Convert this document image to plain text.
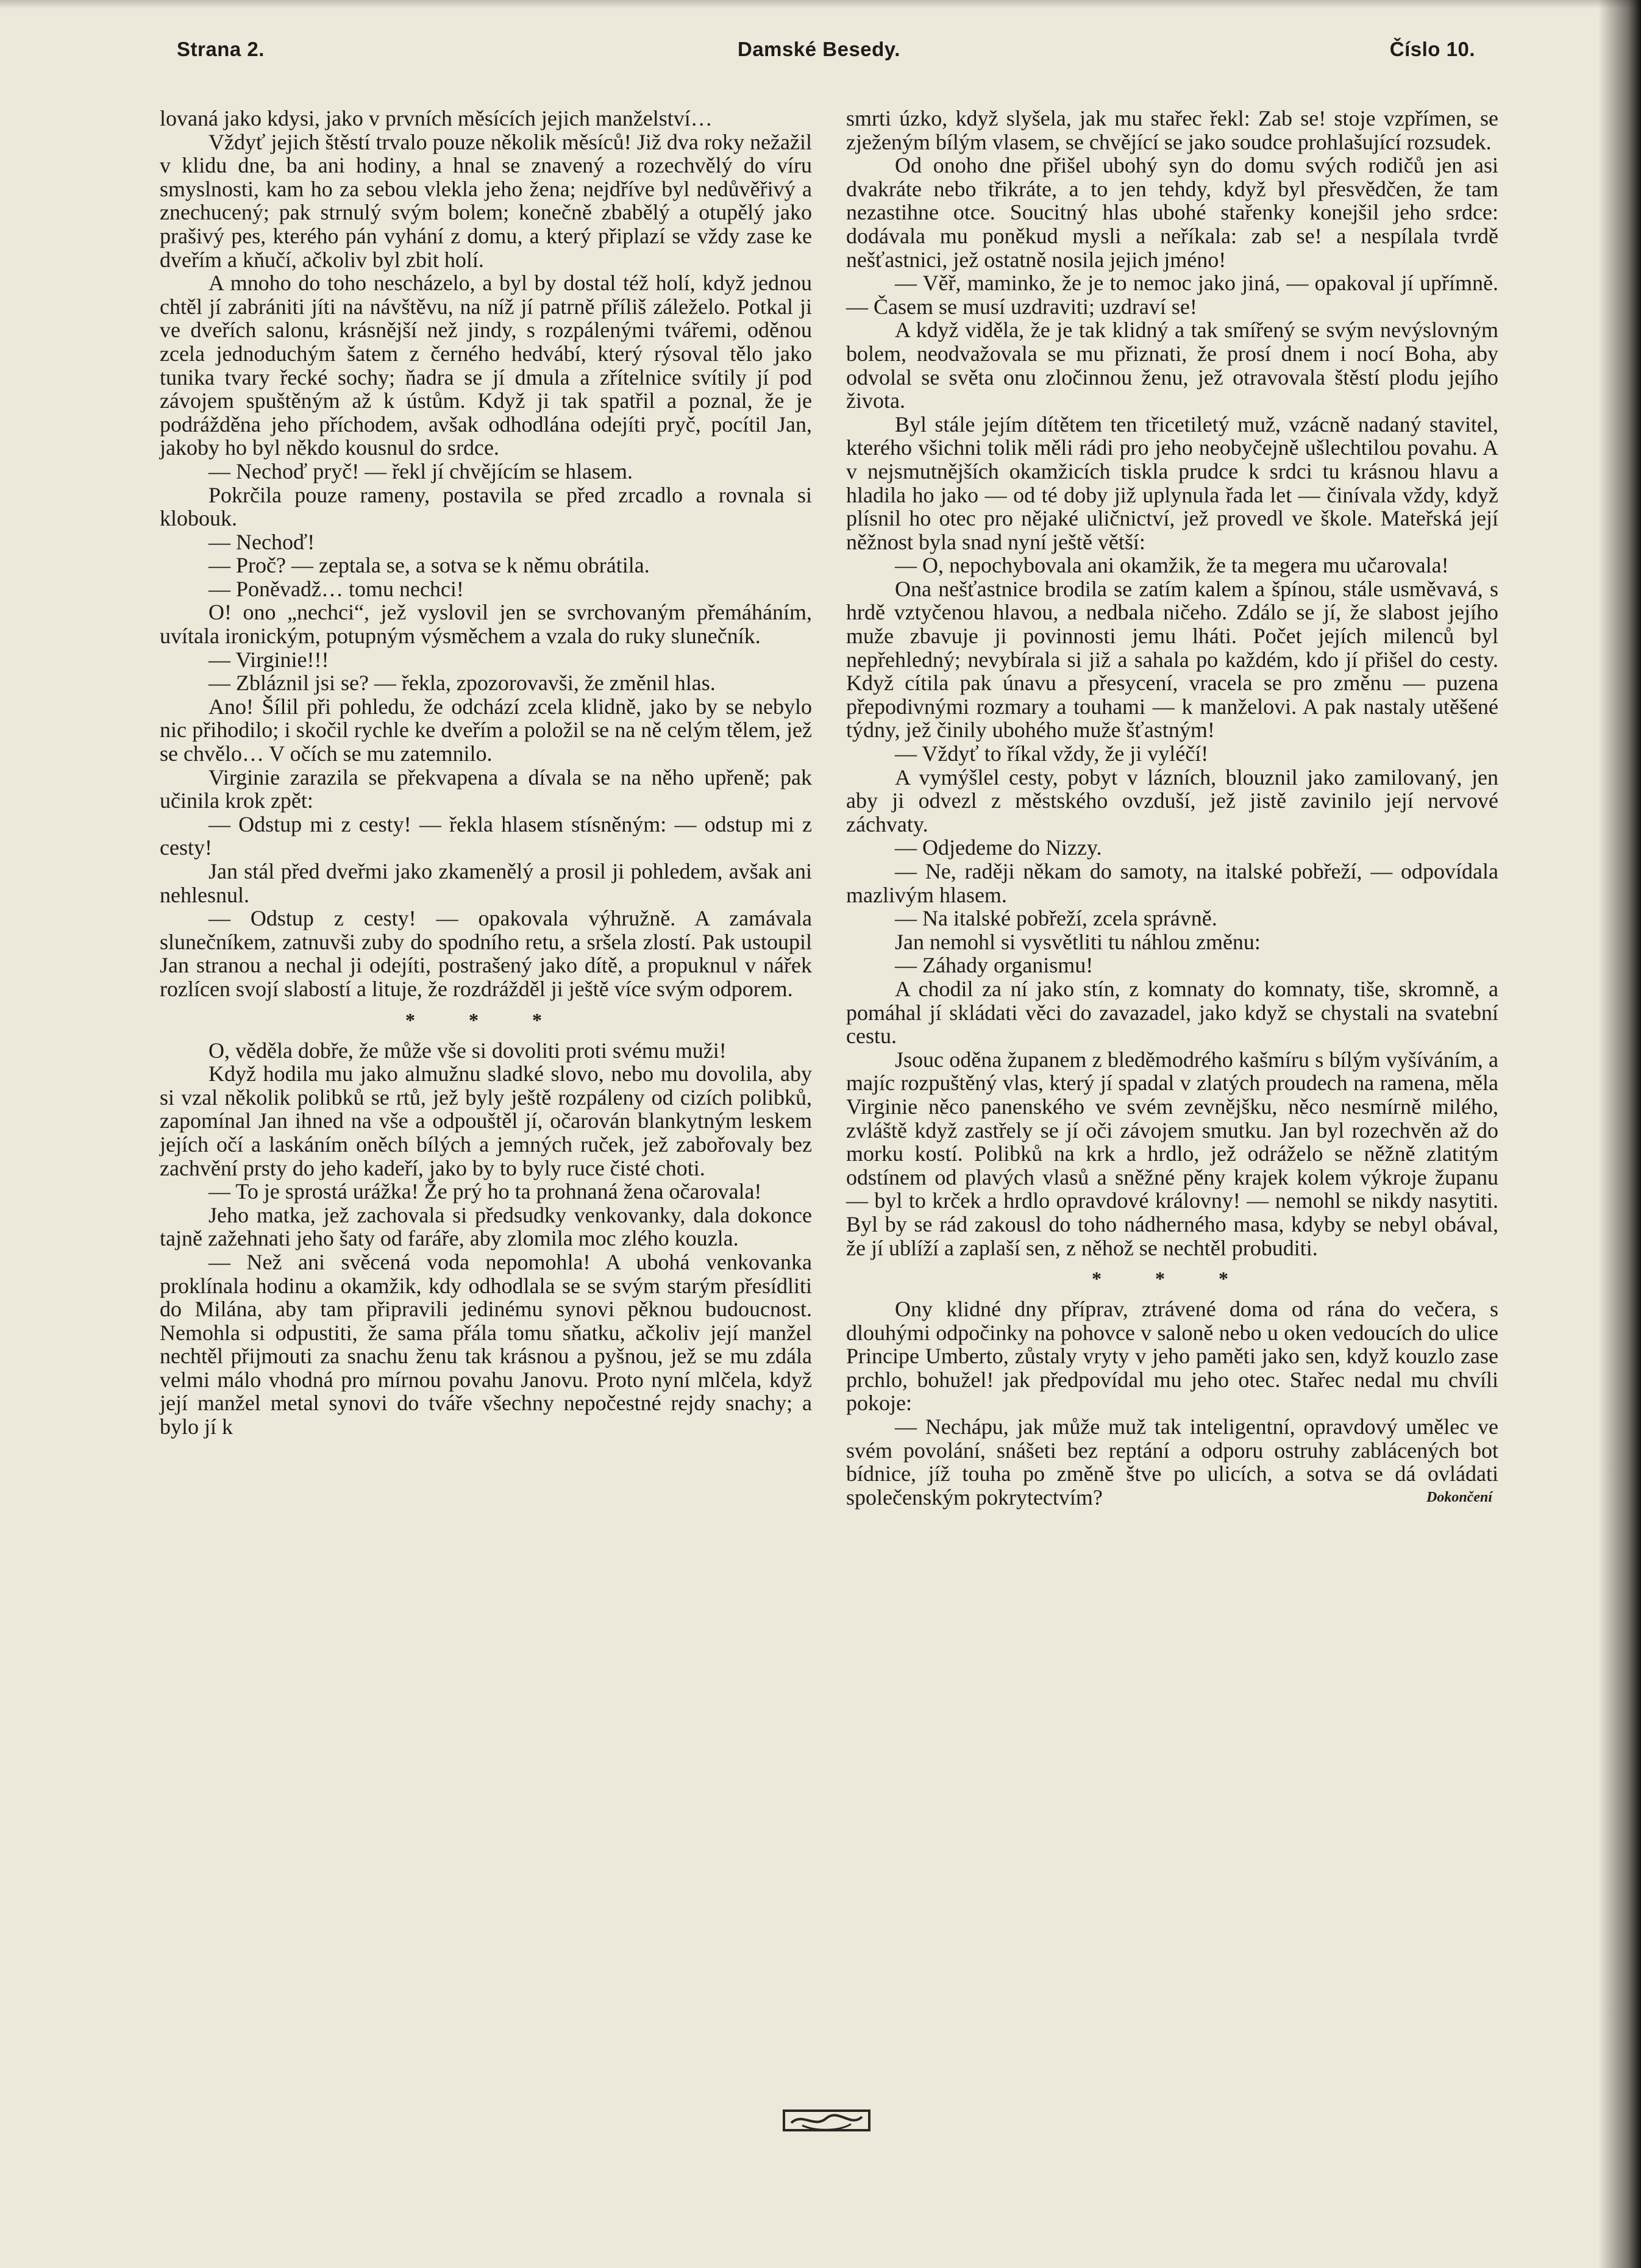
Strana 2.	Damské Besedy.	Číslo 10.

lovaná jako kdysi, jako v prvních měsících jejich manželství…

Vždyť jejich štěstí trvalo pouze několik měsíců! Již dva roky nežažil v klidu dne, ba ani hodiny, a hnal se znavený a rozechvělý do víru smyslnosti, kam ho za sebou vlekla jeho žena; nejdříve byl nedůvěřivý a znechucený; pak strnulý svým bolem; konečně zbabělý a otupělý jako prašivý pes, kterého pán vyhání z domu, a který připlazí se vždy zase ke dveřím a kňučí, ačkoliv byl zbit holí.

A mnoho do toho nescházelo, a byl by dostal též holí, když jednou chtěl jí zabrániti jíti na návštěvu, na níž jí patrně příliš záleželo. Potkal ji ve dveřích salonu, krásnější než jindy, s rozpálenými tvářemi, oděnou zcela jednoduchým šatem z černého hedvábí, který rýsoval tělo jako tunika tvary řecké sochy; ňadra se jí dmula a zřítelnice svítily jí pod závojem spuštěným až k ústům. Když ji tak spatřil a poznal, že je podrážděna jeho příchodem, avšak odhodlána odejíti pryč, pocítil Jan, jakoby ho byl někdo kousnul do srdce.

— Nechoď pryč! — řekl jí chvějícím se hlasem.

Pokrčila pouze rameny, postavila se před zrcadlo a rovnala si klobouk.

— Nechoď!

— Proč? — zeptala se, a sotva se k němu obrátila.

— Poněvadž… tomu nechci!

O! ono „nechci“, jež vyslovil jen se svrchovaným přemáháním, uvítala ironickým, potupným výsměchem a vzala do ruky slunečník.

— Virginie!!!

— Zbláznil jsi se? — řekla, zpozorovavši, že změnil hlas.

Ano! Šílil při pohledu, že odchází zcela klidně, jako by se nebylo nic přihodilo; i skočil rychle ke dveřím a položil se na ně celým tělem, jež se chvělo… V očích se mu zatemnilo.

Virginie zarazila se překvapena a dívala se na něho upřeně; pak učinila krok zpět:

— Odstup mi z cesty! — řekla hlasem stísněným: — odstup mi z cesty!

Jan stál před dveřmi jako zkamenělý a prosil ji pohledem, avšak ani nehlesnul.

— Odstup z cesty! — opakovala výhružně. A zamávala slunečníkem, zatnuvši zuby do spodního retu, a sršela zlostí. Pak ustoupil Jan stranou a nechal ji odejíti, postrašený jako dítě, a propuknul v nářek rozlícen svojí slabostí a lituje, že rozdrážděl ji ještě více svým odporem.

* * *

O, věděla dobře, že může vše si dovoliti proti svému muži!

Když hodila mu jako almužnu sladké slovo, nebo mu dovolila, aby si vzal několik polibků se rtů, jež byly ještě rozpáleny od cizích polibků, zapomínal Jan ihned na vše a odpouštěl jí, očarován blankytným leskem jejích očí a laskáním oněch bílých a jemných ruček, jež zabořovaly bez zachvění prsty do jeho kadeří, jako by to byly ruce čisté choti.

— To je sprostá urážka! Že prý ho ta prohnaná žena očarovala!

Jeho matka, jež zachovala si předsudky venkovanky, dala dokonce tajně zažehnati jeho šaty od faráře, aby zlomila moc zlého kouzla.

— Než ani svěcená voda nepomohla! A ubohá venkovanka proklínala hodinu a okamžik, kdy odhodlala se se svým starým přesídliti do Milána, aby tam připravili jedinému synovi pěknou budoucnost. Nemohla si odpustiti, že sama přála tomu sňatku, ačkoliv její manžel nechtěl přijmouti za snachu ženu tak krásnou a pyšnou, jež se mu zdála velmi málo vhodná pro mírnou povahu Janovu. Proto nyní mlčela, když její manžel metal synovi do tváře všechny nepočestné rejdy snachy; a bylo jí k

smrti úzko, když slyšela, jak mu stařec řekl: Zab se! stoje vzpřímen, se zježeným bílým vlasem, se chvějící se jako soudce prohlašující rozsudek.

Od onoho dne přišel ubohý syn do domu svých rodičů jen asi dvakráte nebo třikráte, a to jen tehdy, když byl přesvědčen, že tam nezastihne otce. Soucitný hlas ubohé stařenky konejšil jeho srdce: dodávala mu poněkud mysli a neříkala: zab se! a nespílala tvrdě nešťastnici, jež ostatně nosila jejich jméno!

— Věř, maminko, že je to nemoc jako jiná, — opakoval jí upřímně. — Časem se musí uzdraviti; uzdraví se!

A když viděla, že je tak klidný a tak smířený se svým nevýslovným bolem, neodvažovala se mu přiznati, že prosí dnem i nocí Boha, aby odvolal se světa onu zločinnou ženu, jež otravovala štěstí plodu jejího života.

Byl stále jejím dítětem ten třicetiletý muž, vzácně nadaný stavitel, kterého všichni tolik měli rádi pro jeho neobyčejně ušlechtilou povahu. A v nejsmutnějších okamžicích tiskla prudce k srdci tu krásnou hlavu a hladila ho jako — od té doby již uplynula řada let — činívala vždy, když plísnil ho otec pro nějaké uličnictví, jež provedl ve škole. Mateřská její něžnost byla snad nyní ještě větší:

— O, nepochybovala ani okamžik, že ta megera mu učarovala!

Ona nešťastnice brodila se zatím kalem a špínou, stále usměvavá, s hrdě vztyčenou hlavou, a nedbala ničeho. Zdálo se jí, že slabost jejího muže zbavuje ji povinnosti jemu lháti. Počet jejích milenců byl nepřehledný; nevybírala si již a sahala po každém, kdo jí přišel do cesty. Když cítila pak únavu a přesycení, vracela se pro změnu — puzena přepodivnými rozmary a touhami — k manželovi. A pak nastaly utěšené týdny, jež činily ubohého muže šťastným!

— Vždyť to říkal vždy, že ji vyléčí!

A vymýšlel cesty, pobyt v lázních, blouznil jako zamilovaný, jen aby ji odvezl z městského ovzduší, jež jistě zavinilo její nervové záchvaty.

— Odjedeme do Nizzy.

— Ne, raději někam do samoty, na italské pobřeží, — odpovídala mazlivým hlasem.

— Na italské pobřeží, zcela správně.

Jan nemohl si vysvětliti tu náhlou změnu:

— Záhady organismu!

A chodil za ní jako stín, z komnaty do komnaty, tiše, skromně, a pomáhal jí skládati věci do zavazadel, jako když se chystali na svatební cestu.

Jsouc oděna županem z bleděmodrého kašmíru s bílým vyšíváním, a majíc rozpuštěný vlas, který jí spadal v zlatých proudech na ramena, měla Virginie něco panenského ve svém zevnějšku, něco nesmírně milého, zvláště když zastřely se jí oči závojem smutku. Jan byl rozechvěn až do morku kostí. Polibků na krk a hrdlo, jež odráželo se něžně zlatitým odstínem od plavých vlasů a sněžné pěny krajek kolem výkroje županu — byl to krček a hrdlo opravdové královny! — nemohl se nikdy nasytiti. Byl by se rád zakousl do toho nádherného masa, kdyby se nebyl obával, že jí ublíží a zaplaší sen, z něhož se nechtěl probuditi.

* * *

Ony klidné dny příprav, ztrávené doma od rána do večera, s dlouhými odpočinky na pohovce v saloně nebo u oken vedoucích do ulice Principe Umberto, zůstaly vryty v jeho paměti jako sen, když kouzlo zase prchlo, bohužel! jak předpovídal mu jeho otec. Stařec nedal mu chvíli pokoje:

— Nechápu, jak může muž tak inteligentní, opravdový umělec ve svém povolání, snášeti bez reptání a odporu ostruhy zablácených bot bídnice, jíž touha po změně štve po ulicích, a sotva se dá ovládati společenským pokrytectvím?	Dokončení
